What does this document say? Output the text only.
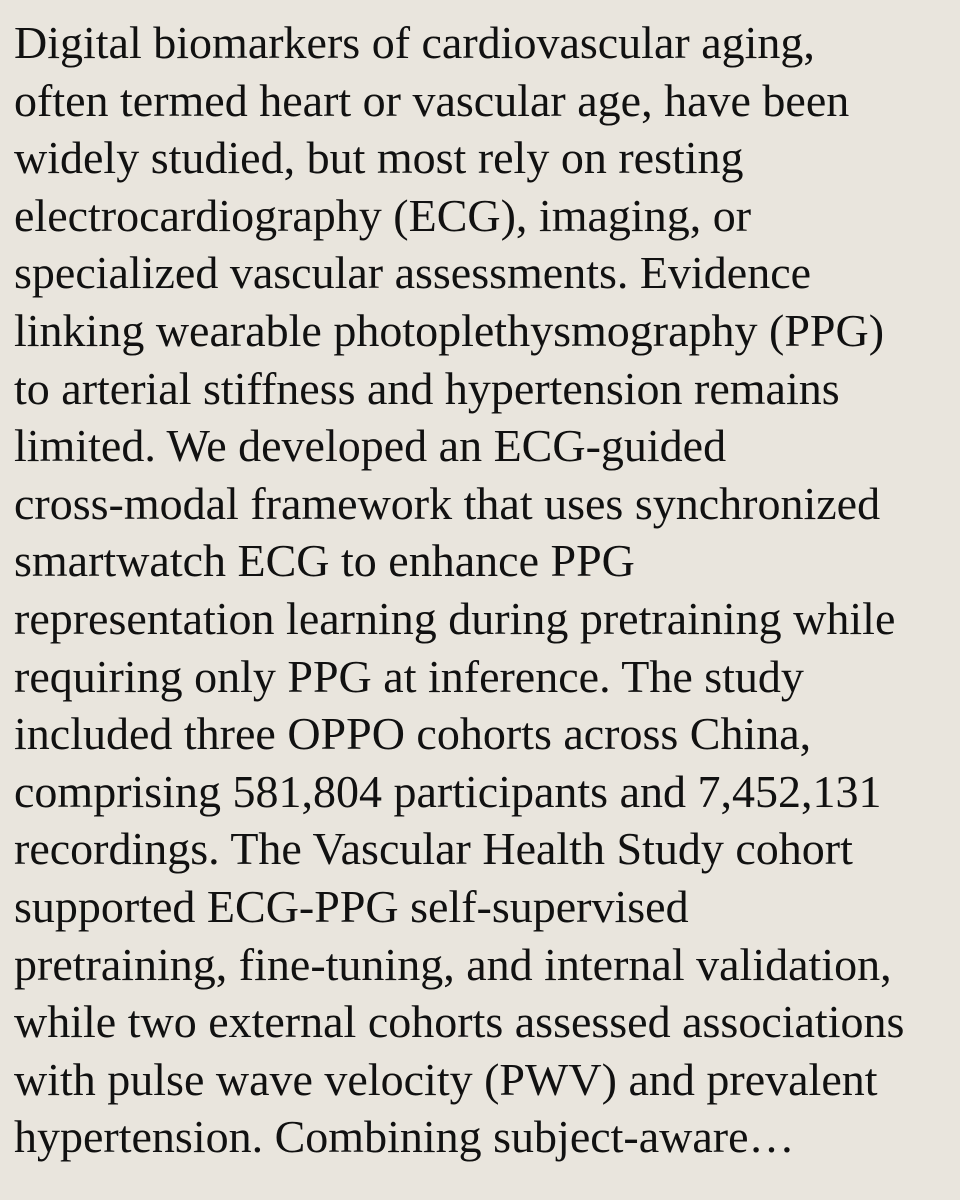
Digital biomarkers of cardiovascular aging,
often termed heart or vascular age, have been
widely studied, but most rely on resting
electrocardiography (ECG), imaging, or
specialized vascular assessments. Evidence
linking wearable photoplethysmography (PPG)
to arterial stiffness and hypertension remains
limited. We developed an ECG-guided
cross-modal framework that uses synchronized
smartwatch ECG to enhance PPG
representation learning during pretraining while
requiring only PPG at inference. The study
included three OPPO cohorts across China,
comprising 581,804 participants and 7,452,131
recordings. The Vascular Health Study cohort
supported ECG-PPG self-supervised
pretraining, fine-tuning, and internal validation,
while two external cohorts assessed associations
with pulse wave velocity (PWV) and prevalent
hypertension. Combining subject-aware…
